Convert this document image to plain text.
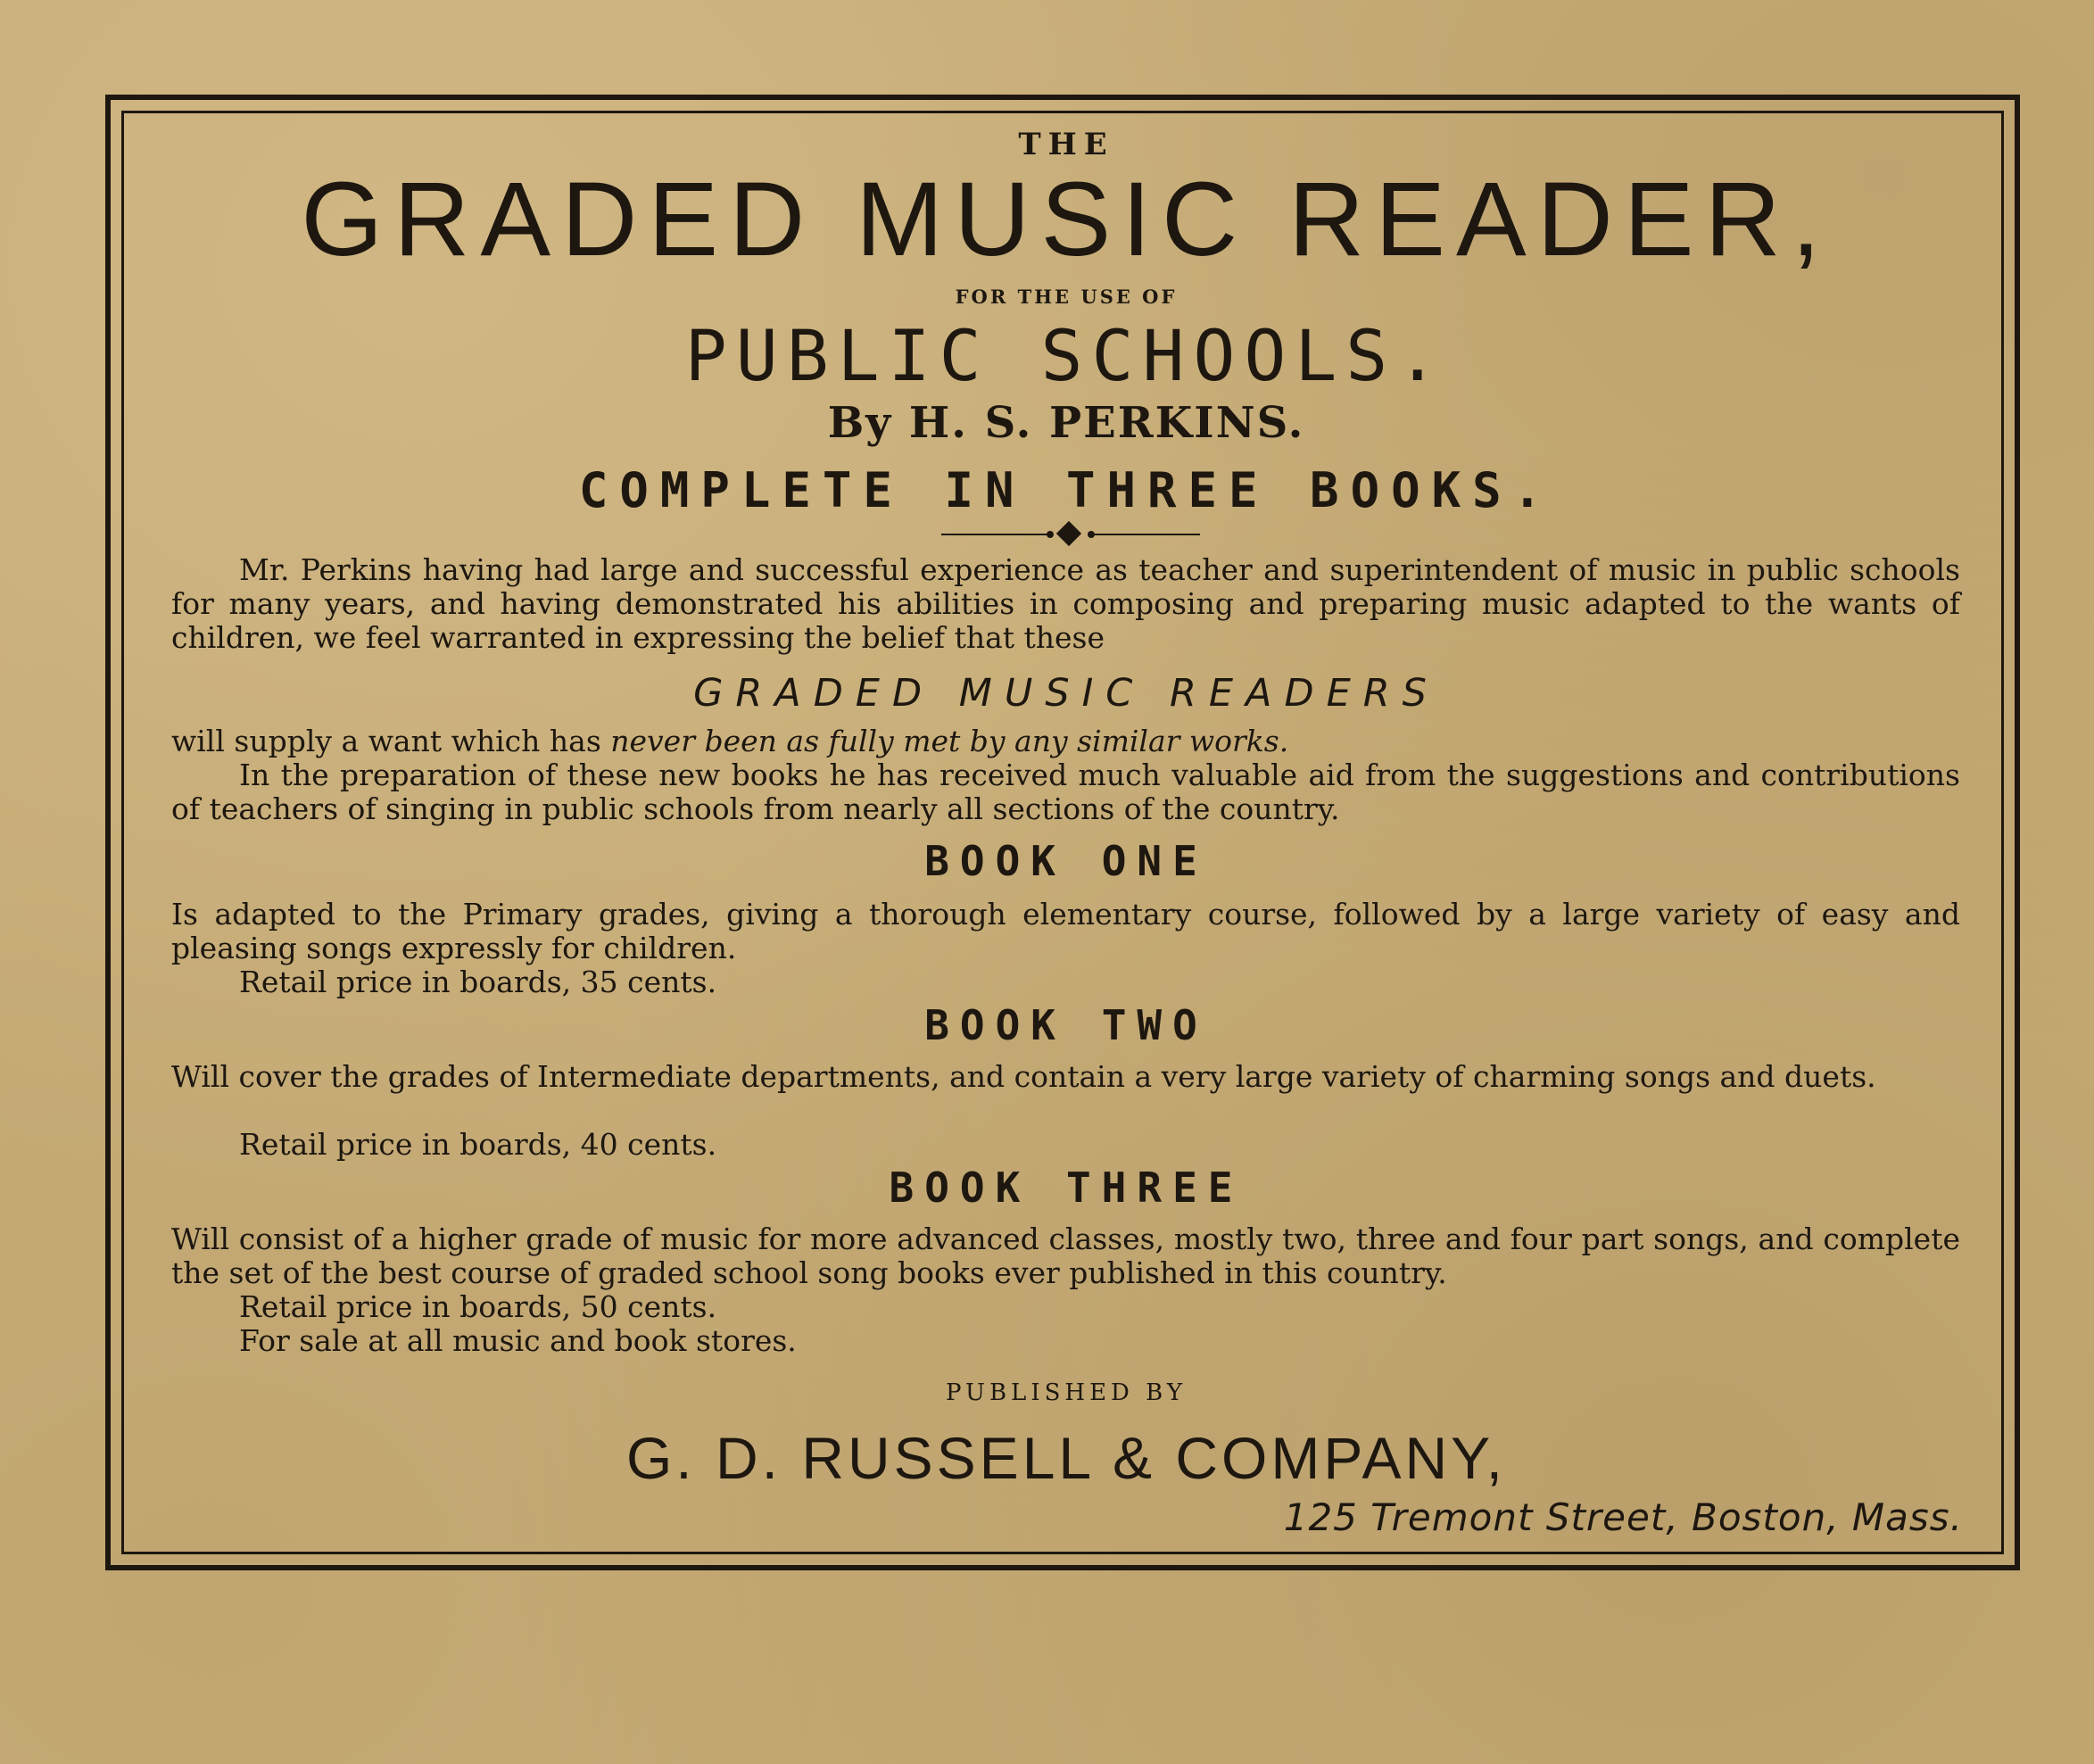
THE
GRADED MUSIC READER,
FOR THE USE OF
PUBLIC SCHOOLS.
By H. S. PERKINS.
COMPLETE IN THREE BOOKS.
Mr. Perkins having had large and successful experience as teacher and superintendent of music in public schools for many years, and having demonstrated his abilities in composing and preparing music adapted to the wants of children, we feel warranted in expressing the belief that these
GRADED MUSIC READERS
will supply a want which has never been as fully met by any similar works.
In the preparation of these new books he has received much valuable aid from the suggestions and contributions of teachers of singing in public schools from nearly all sections of the country.
BOOK ONE
Is adapted to the Primary grades, giving a thorough elementary course, followed by a large variety of easy and pleasing songs expressly for children.
Retail price in boards, 35 cents.
BOOK TWO
Will cover the grades of Intermediate departments, and contain a very large variety of charming songs and duets.
Retail price in boards, 40 cents.
BOOK THREE
Will consist of a higher grade of music for more advanced classes, mostly two, three and four part songs, and complete the set of the best course of graded school song books ever published in this country.
Retail price in boards, 50 cents.
For sale at all music and book stores.
PUBLISHED BY
G. D. RUSSELL & COMPANY,
125 Tremont Street, Boston, Mass.
